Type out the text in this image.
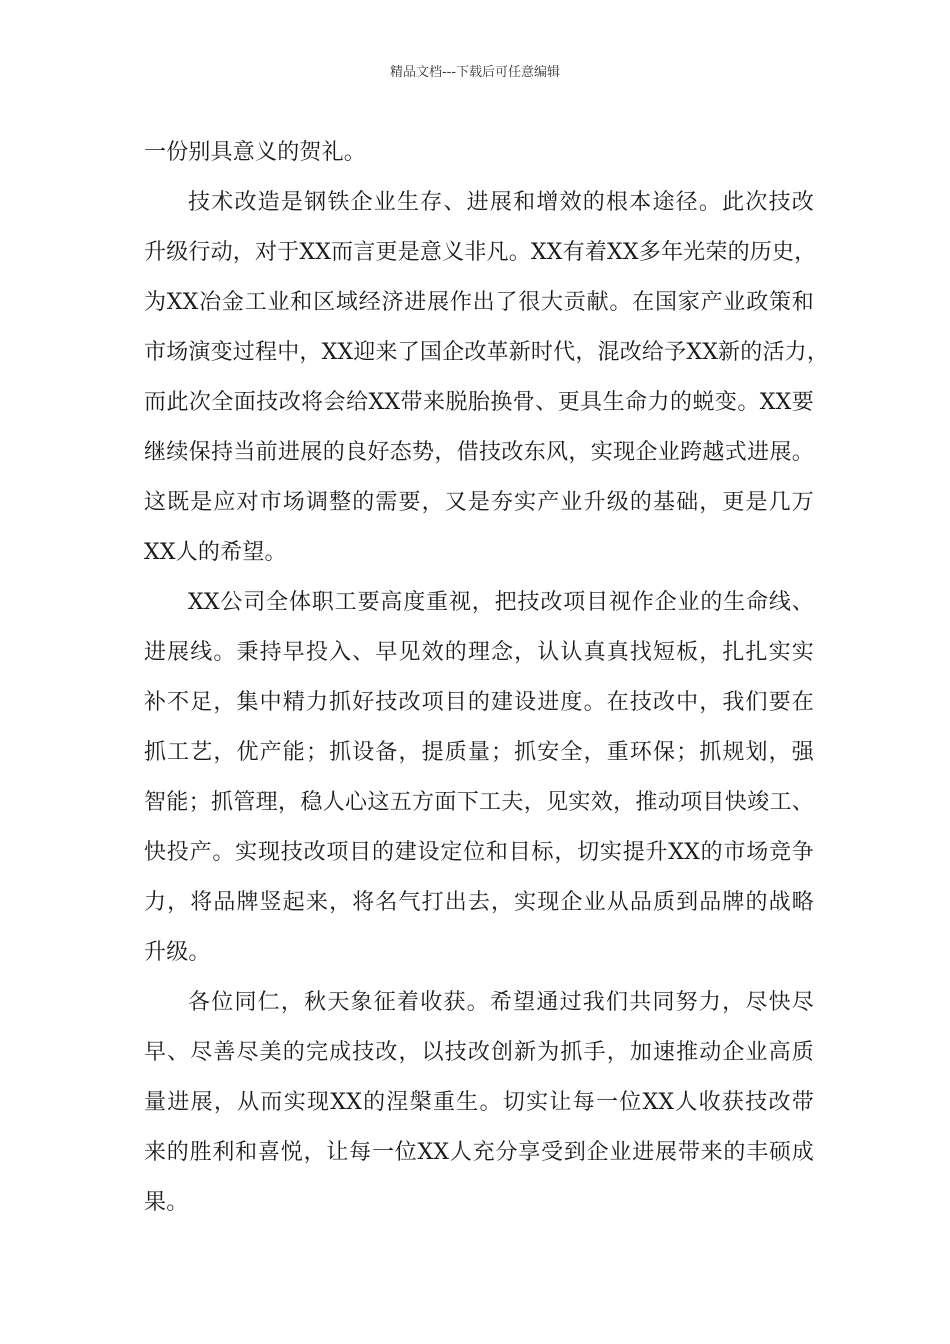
精品文档---下载后可任意编辑
一份别具意义的贺礼。
技术改造是钢铁企业生存、进展和增效的根本途径。此次技改
升级行动，对于XX而言更是意义非凡。XX有着XX多年光荣的历史，
为XX冶金工业和区域经济进展作出了很大贡献。在国家产业政策和
市场演变过程中，XX迎来了国企改革新时代，混改给予XX新的活力，
而此次全面技改将会给XX带来脱胎换骨、更具生命力的蜕变。XX要
继续保持当前进展的良好态势，借技改东风，实现企业跨越式进展。
这既是应对市场调整的需要，又是夯实产业升级的基础，更是几万
XX人的希望。
XX公司全体职工要高度重视，把技改项目视作企业的生命线、
进展线。秉持早投入、早见效的理念，认认真真找短板，扎扎实实
补不足，集中精力抓好技改项目的建设进度。在技改中，我们要在
抓工艺，优产能；抓设备，提质量；抓安全，重环保；抓规划，强
智能；抓管理，稳人心这五方面下工夫，见实效，推动项目快竣工、
快投产。实现技改项目的建设定位和目标，切实提升XX的市场竞争
力，将品牌竖起来，将名气打出去，实现企业从品质到品牌的战略
升级。
各位同仁，秋天象征着收获。希望通过我们共同努力，尽快尽
早、尽善尽美的完成技改，以技改创新为抓手，加速推动企业高质
量进展，从而实现XX的涅槃重生。切实让每一位XX人收获技改带
来的胜利和喜悦，让每一位XX人充分享受到企业进展带来的丰硕成
果。
